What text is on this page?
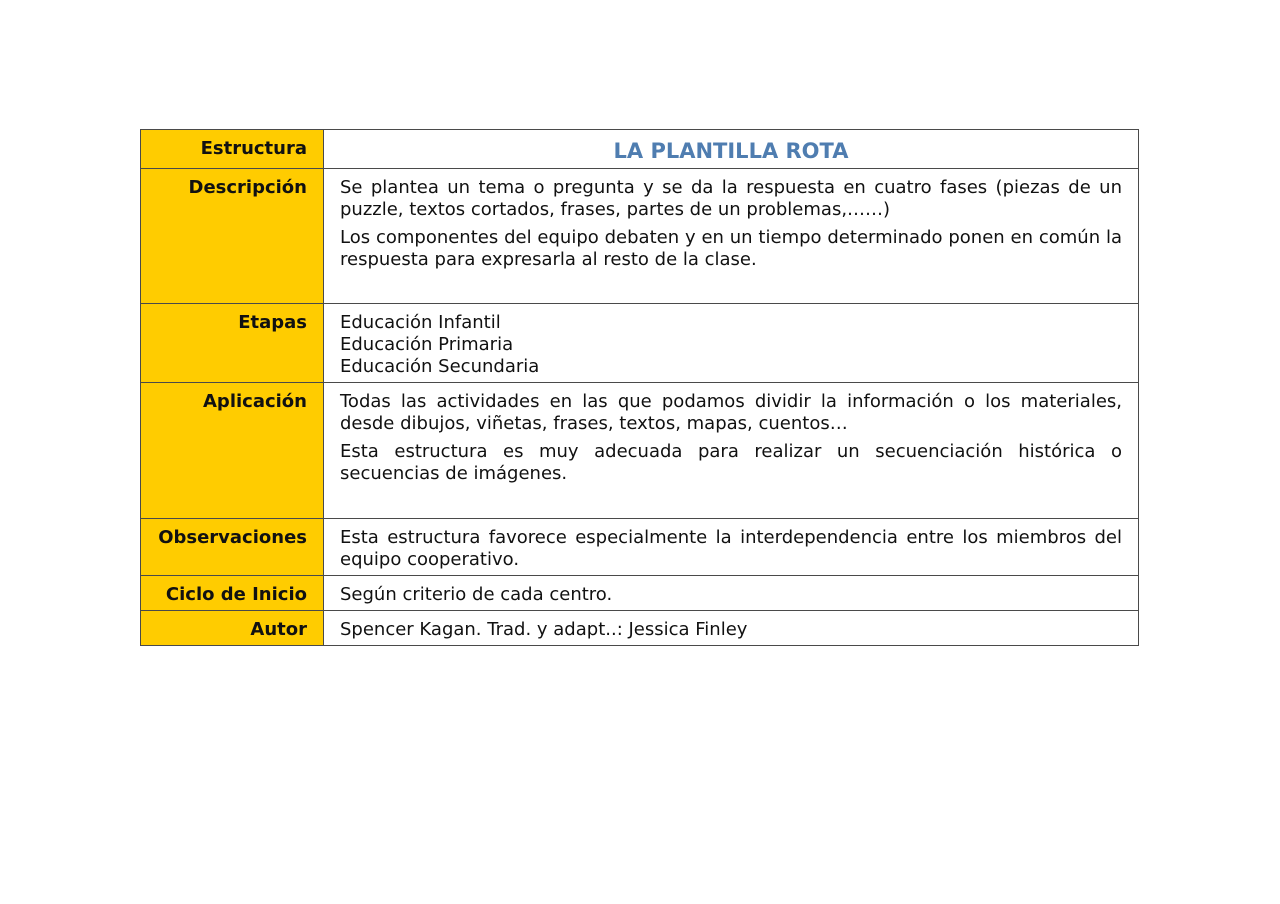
Estructura	LA PLANTILLA ROTA
Descripción	Se plantea un tema o pregunta y se da la respuesta en cuatro fases (piezas de un puzzle, textos cortados, frases, partes de un problemas,……)

Los componentes del equipo debaten y en un tiempo determinado ponen en común la respuesta para expresarla al resto de la clase.

Etapas	Educación Infantil
Educación Primaria
Educación Secundaria

Aplicación	Todas las actividades en las que podamos dividir la información o los materiales, desde dibujos, viñetas, frases, textos, mapas, cuentos…

Esta estructura es muy adecuada para realizar un secuenciación histórica o secuencias de imágenes.

Observaciones	Esta estructura favorece especialmente la interdependencia entre los miembros del equipo cooperativo.

Ciclo de Inicio	Según criterio de cada centro.
Autor	Spencer Kagan. Trad. y adapt..: Jessica Finley
